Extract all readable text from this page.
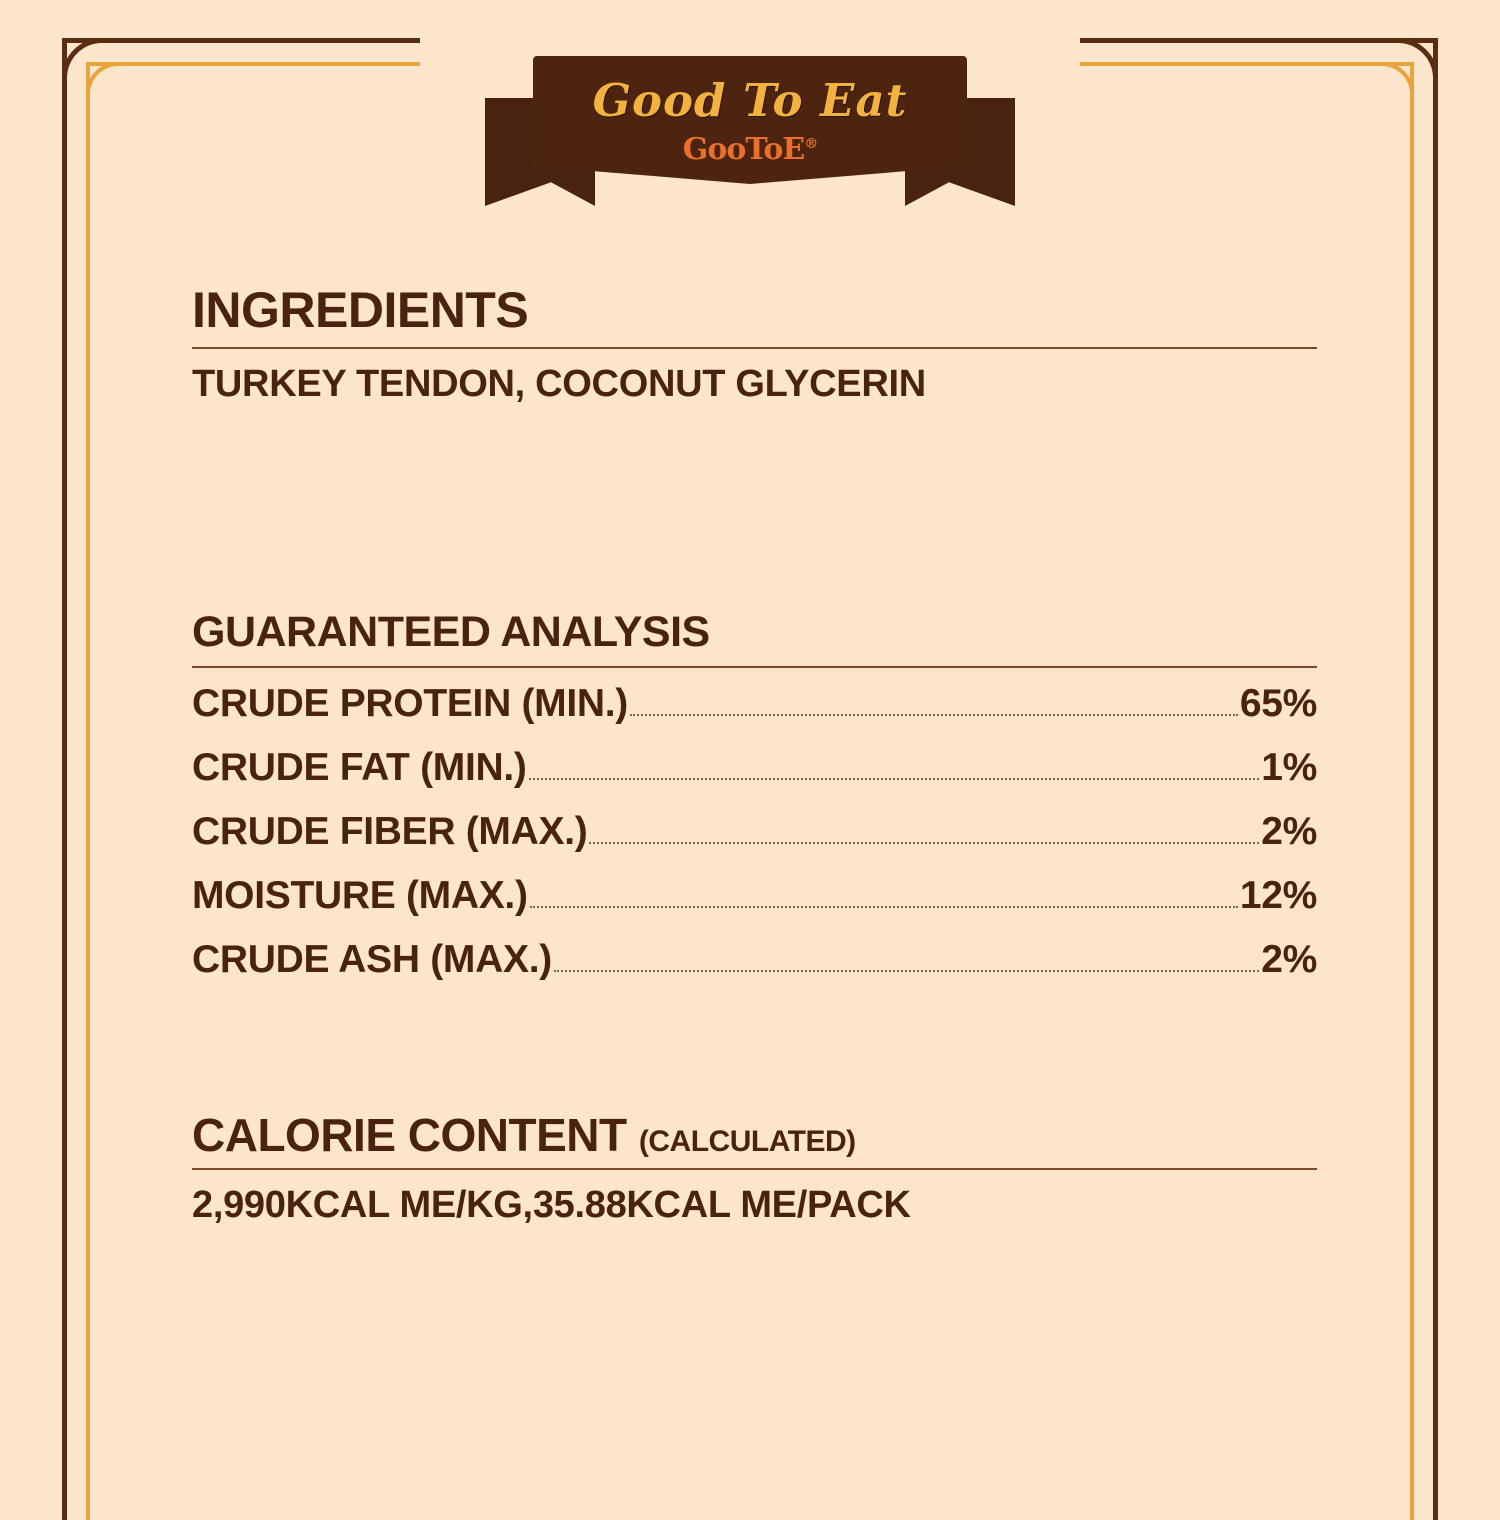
Good To Eat
GooToE®
INGREDIENTS
TURKEY TENDON, COCONUT GLYCERIN
GUARANTEED ANALYSIS
CRUDE PROTEIN (MIN.)	65%
CRUDE FAT (MIN.)	1%
CRUDE FIBER (MAX.)	2%
MOISTURE (MAX.)	12%
CRUDE ASH (MAX.)	2%
CALORIE CONTENT (CALCULATED)
2,990KCAL ME/KG,35.88KCAL ME/PACK
